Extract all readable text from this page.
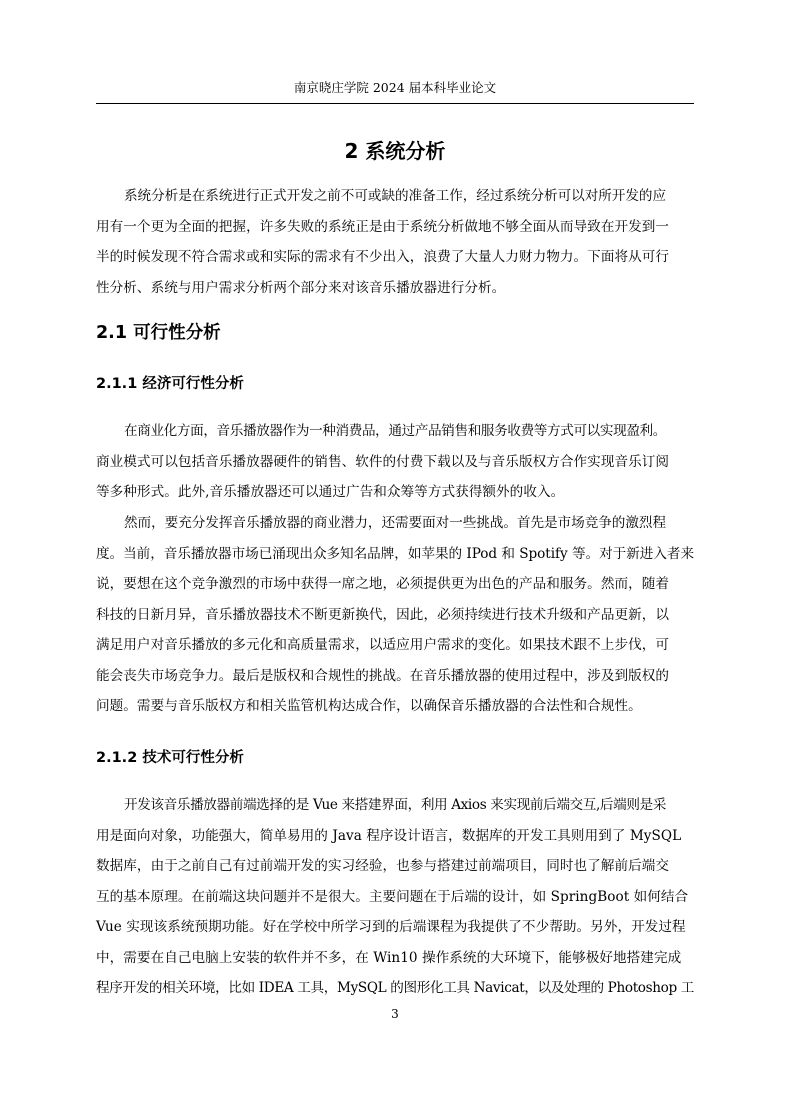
南京晓庄学院 2024 届本科毕业论文
2 系统分析
系统分析是在系统进行正式开发之前不可或缺的准备工作，经过系统分析可以对所开发的应
用有一个更为全面的把握，许多失败的系统正是由于系统分析做地不够全面从而导致在开发到一
半的时候发现不符合需求或和实际的需求有不少出入，浪费了大量人力财力物力。下面将从可行
性分析、系统与用户需求分析两个部分来对该音乐播放器进行分析。
2.1 可行性分析
2.1.1 经济可行性分析
在商业化方面，音乐播放器作为一种消费品，通过产品销售和服务收费等方式可以实现盈利。
商业模式可以包括音乐播放器硬件的销售、软件的付费下载以及与音乐版权方合作实现音乐订阅
等多种形式。此外,音乐播放器还可以通过广告和众筹等方式获得额外的收入。
然而，要充分发挥音乐播放器的商业潜力，还需要面对一些挑战。首先是市场竞争的激烈程
度。当前，音乐播放器市场已涌现出众多知名品牌，如苹果的 IPod 和 Spotify 等。对于新进入者来
说，要想在这个竞争激烈的市场中获得一席之地，必须提供更为出色的产品和服务。然而，随着
科技的日新月异，音乐播放器技术不断更新换代，因此，必须持续进行技术升级和产品更新，以
满足用户对音乐播放的多元化和高质量需求，以适应用户需求的变化。如果技术跟不上步伐，可
能会丧失市场竞争力。最后是版权和合规性的挑战。在音乐播放器的使用过程中，涉及到版权的
问题。需要与音乐版权方和相关监管机构达成合作，以确保音乐播放器的合法性和合规性。
2.1.2 技术可行性分析
开发该音乐播放器前端选择的是 Vue 来搭建界面，利用 Axios 来实现前后端交互,后端则是采
用是面向对象，功能强大，简单易用的 Java 程序设计语言，数据库的开发工具则用到了 MySQL
数据库，由于之前自己有过前端开发的实习经验，也参与搭建过前端项目，同时也了解前后端交
互的基本原理。在前端这块问题并不是很大。主要问题在于后端的设计，如 SpringBoot 如何结合
Vue 实现该系统预期功能。好在学校中所学习到的后端课程为我提供了不少帮助。另外，开发过程
中，需要在自己电脑上安装的软件并不多，在 Win10 操作系统的大环境下，能够极好地搭建完成
程序开发的相关环境，比如 IDEA 工具，MySQL 的图形化工具 Navicat，以及处理的 Photoshop 工
3
